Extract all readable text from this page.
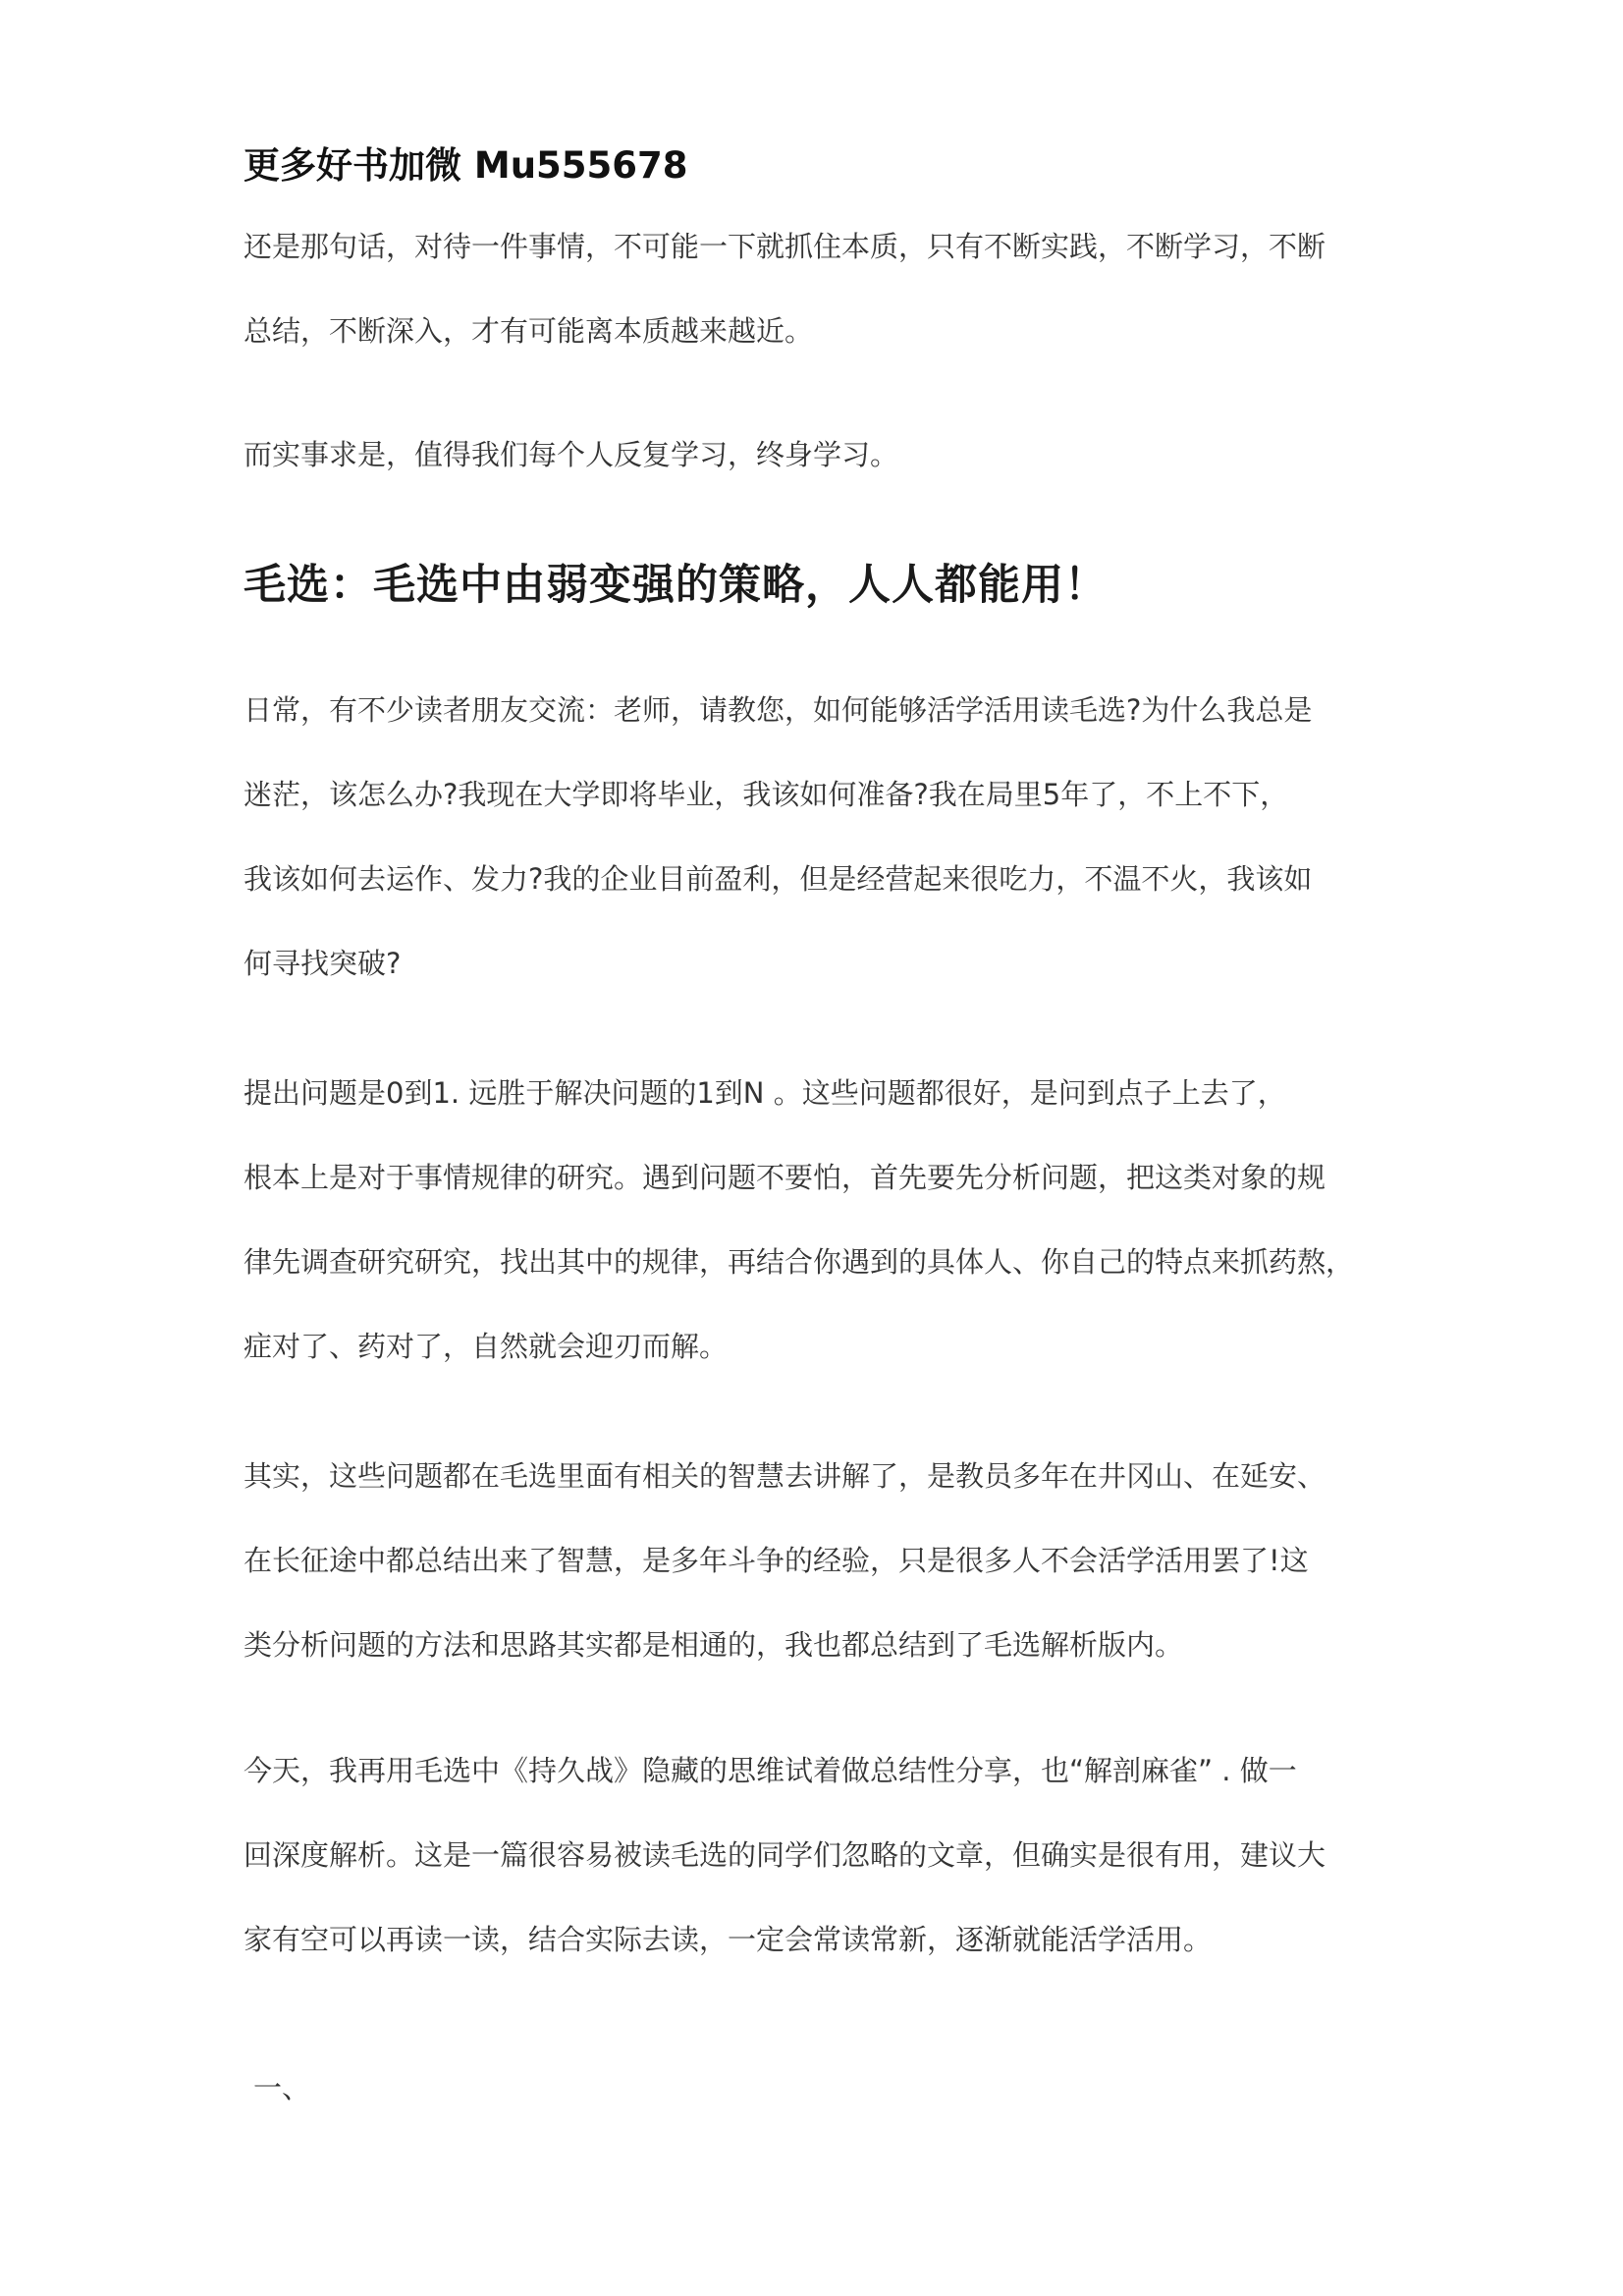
更多好书加微 Mu555678

还是那句话，对待一件事情，不可能一下就抓住本质，只有不断实践，不断学习，不断
总结，不断深入，才有可能离本质越来越近。

而实事求是，值得我们每个人反复学习，终身学习。

毛选：毛选中由弱变强的策略，人人都能用！

日常，有不少读者朋友交流：老师，请教您，如何能够活学活用读毛选?为什么我总是
迷茫，该怎么办?我现在大学即将毕业，我该如何准备?我在局里5年了，不上不下，
我该如何去运作、发力?我的企业目前盈利，但是经营起来很吃力，不温不火，我该如
何寻找突破?

提出问题是0到1. 远胜于解决问题的1到N 。这些问题都很好，是问到点子上去了，
根本上是对于事情规律的研究。遇到问题不要怕，首先要先分析问题，把这类对象的规
律先调查研究研究，找出其中的规律，再结合你遇到的具体人、你自己的特点来抓药熬，
症对了、药对了，自然就会迎刃而解。

其实，这些问题都在毛选里面有相关的智慧去讲解了，是教员多年在井冈山、在延安、
在长征途中都总结出来了智慧，是多年斗争的经验，只是很多人不会活学活用罢了!这
类分析问题的方法和思路其实都是相通的，我也都总结到了毛选解析版内。

今天，我再用毛选中《持久战》隐藏的思维试着做总结性分享，也“解剖麻雀” . 做一
回深度解析。这是一篇很容易被读毛选的同学们忽略的文章，但确实是很有用，建议大
家有空可以再读一读，结合实际去读，一定会常读常新，逐渐就能活学活用。

一、
